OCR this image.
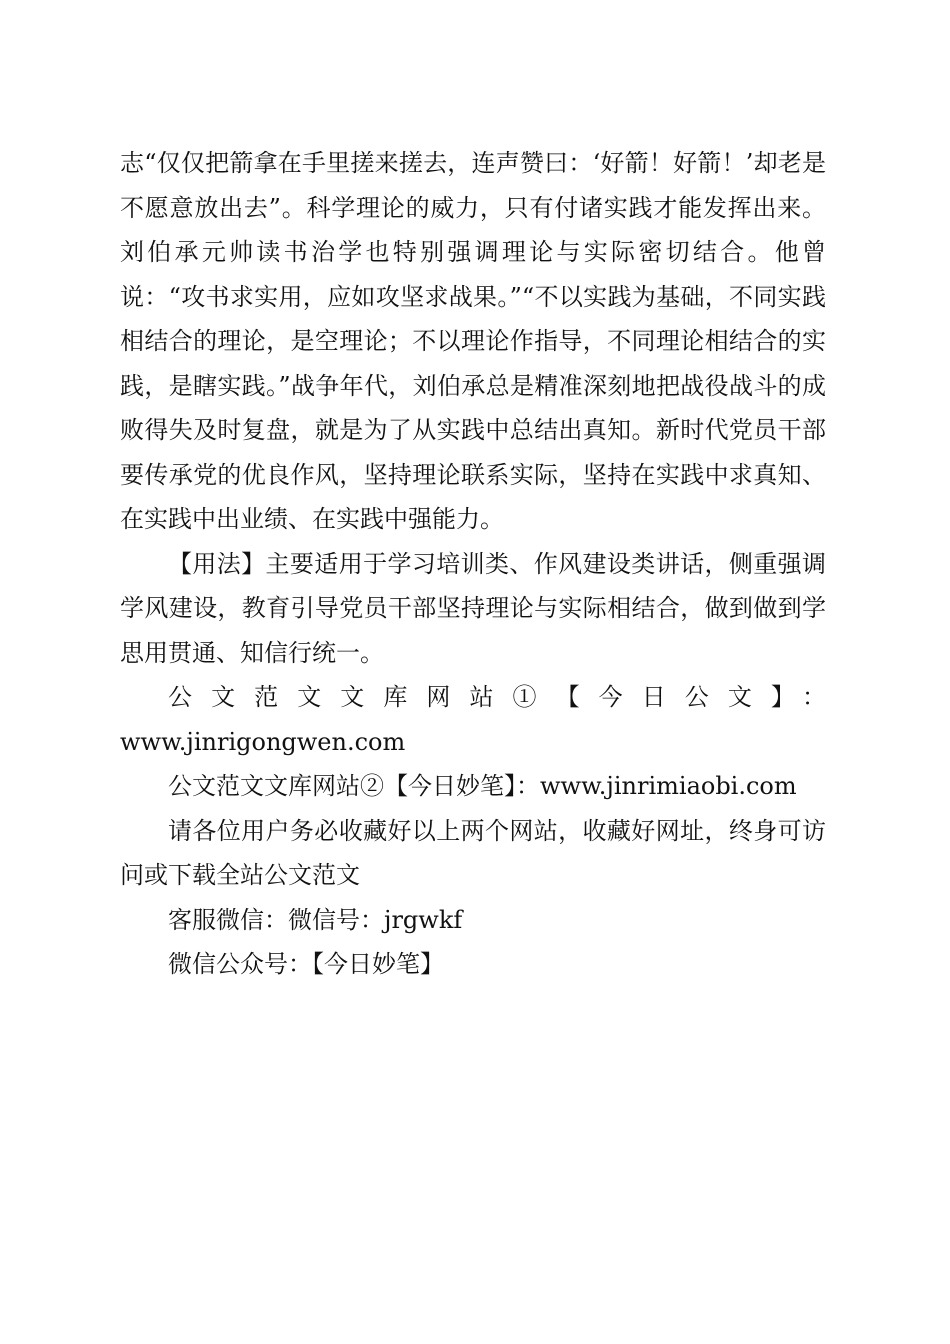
志“仅仅把箭拿在手里搓来搓去，连声赞曰：‘好箭！好箭！’却老是不愿意放出去”。科学理论的威力，只有付诸实践才能发挥出来。刘伯承元帅读书治学也特别强调理论与实际密切结合。他曾说：“攻书求实用，应如攻坚求战果。”“不以实践为基础，不同实践相结合的理论，是空理论；不以理论作指导，不同理论相结合的实践，是瞎实践。”战争年代，刘伯承总是精准深刻地把战役战斗的成败得失及时复盘，就是为了从实践中总结出真知。新时代党员干部要传承党的优良作风，坚持理论联系实际，坚持在实践中求真知、在实践中出业绩、在实践中强能力。

【用法】主要适用于学习培训类、作风建设类讲话，侧重强调学风建设，教育引导党员干部坚持理论与实际相结合，做到做到学思用贯通、知信行统一。

公文范文文库网站①【今日公文】：

www.jinrigongwen.com

公文范文文库网站②【今日妙笔】：www.jinrimiaobi.com

请各位用户务必收藏好以上两个网站，收藏好网址，终身可访问或下载全站公文范文

客服微信：微信号：jrgwkf

微信公众号：【今日妙笔】
